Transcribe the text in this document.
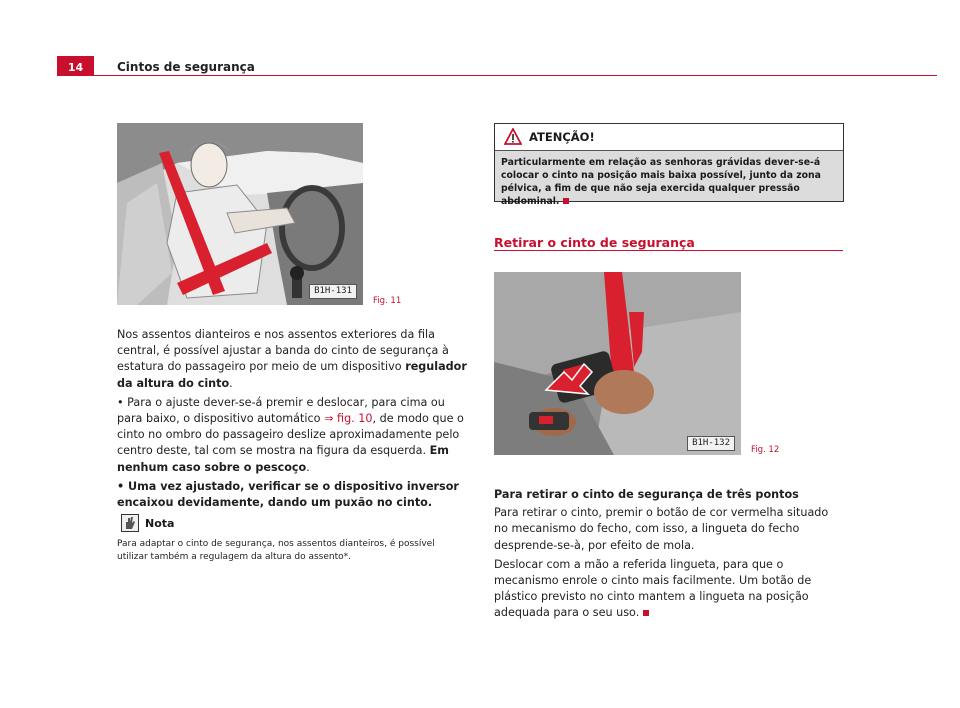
14	Cintos de segurança
B1H-131
Fig. 11

Nos assentos dianteiros e nos assentos exteriores da fila central, é possível ajustar a banda do cinto de segurança à estatura do passageiro por meio de um dispositivo regulador da altura do cinto.

• Para o ajuste dever-se-á premir e deslocar, para cima ou para baixo, o dispositivo automático ⇒ fig. 10, de modo que o cinto no ombro do passageiro deslize aproximadamente pelo centro deste, tal com se mostra na figura da esquerda. Em nenhum caso sobre o pescoço.

• Uma vez ajustado, verificar se o dispositivo inversor encaixou devidamente, dando um puxão no cinto.

Nota
Para adaptar o cinto de segurança, nos assentos dianteiros, é possível utilizar também a regulagem da altura do assento*.
ATENÇÃO!
Particularmente em relação as senhoras grávidas dever-se-á colocar o cinto na posição mais baixa possível, junto da zona pélvica, a fim de que não seja exercida qualquer pressão abdominal.
Retirar o cinto de segurança
B1H-132
Fig. 12

Para retirar o cinto de segurança de três pontos

Para retirar o cinto, premir o botão de cor vermelha situado no mecanismo do fecho, com isso, a lingueta do fecho desprende-se-à, por efeito de mola.

Deslocar com a mão a referida lingueta, para que o mecanismo enrole o cinto mais facilmente. Um botão de plástico previsto no cinto mantem a lingueta na posição adequada para o seu uso.
